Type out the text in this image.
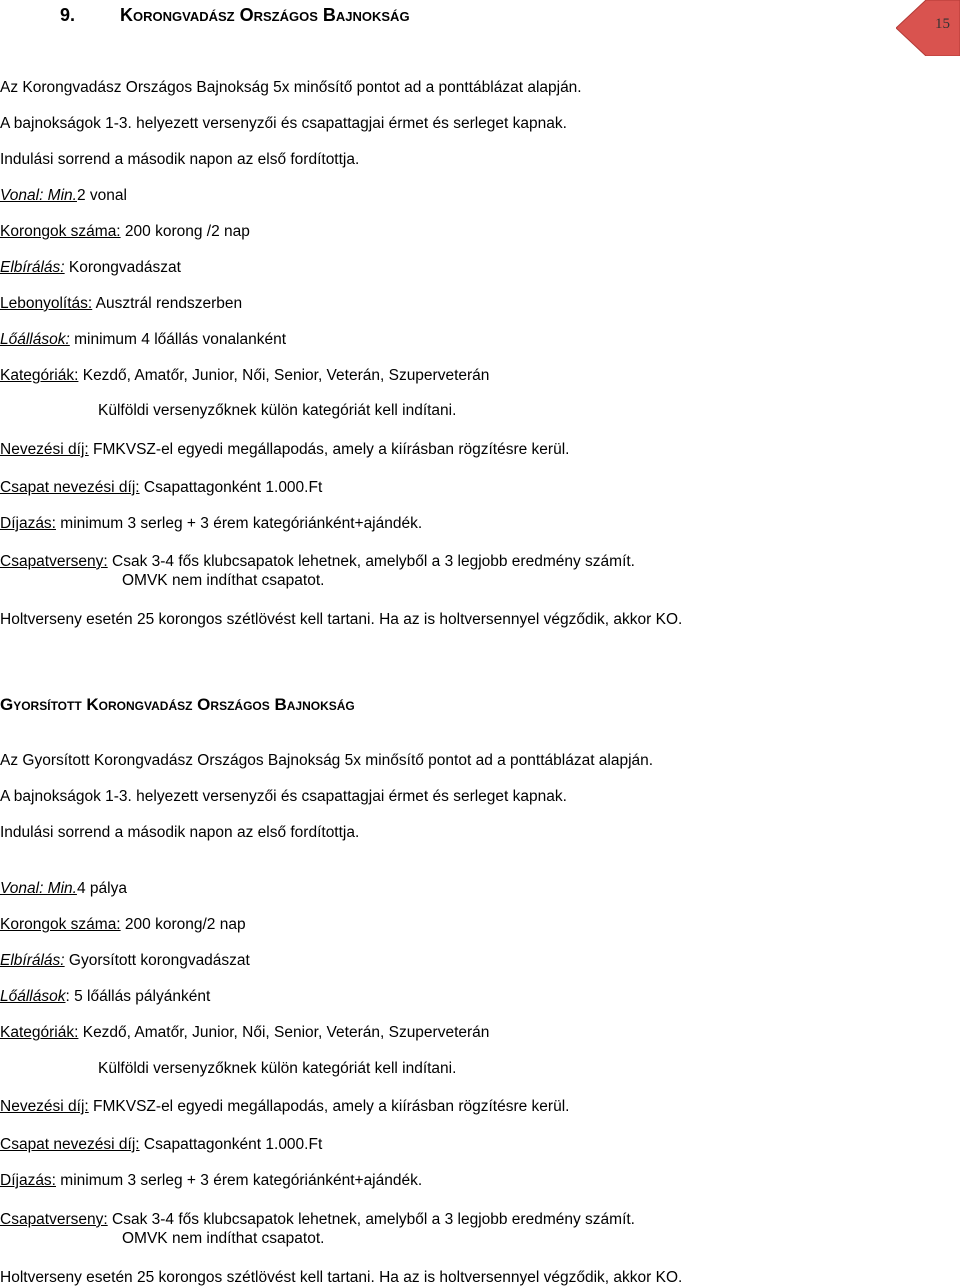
9. Korongvadász Országos Bajnokság	15
Az Korongvadász Országos Bajnokság 5x minősítő pontot ad a ponttáblázat alapján.
A bajnokságok 1-3. helyezett versenyzői és csapattagjai érmet és serleget kapnak.
Indulási sorrend a második napon az első fordítottja.
Vonal: Min.2 vonal
Korongok száma: 200 korong /2 nap
Elbírálás: Korongvadászat
Lebonyolítás: Ausztrál rendszerben
Lőállások: minimum 4 lőállás vonalanként
Kategóriák: Kezdő, Amatőr, Junior, Női, Senior, Veterán, Szuperveterán
Külföldi versenyzőknek külön kategóriát kell indítani.
Nevezési díj: FMKVSZ-el egyedi megállapodás, amely a kiírásban rögzítésre kerül.
Csapat nevezési díj: Csapattagonként 1.000.Ft
Díjazás: minimum 3 serleg + 3 érem kategóriánként+ajándék.
Csapatverseny: Csak 3-4 fős klubcsapatok lehetnek, amelyből a 3 legjobb eredmény számít.
OMVK nem indíthat csapatot.
Holtverseny esetén 25 korongos szétlövést kell tartani. Ha az is holtversennyel végződik, akkor KO.
Gyorsított Korongvadász Országos Bajnokság
Az Gyorsított Korongvadász Országos Bajnokság 5x minősítő pontot ad a ponttáblázat alapján.
A bajnokságok 1-3. helyezett versenyzői és csapattagjai érmet és serleget kapnak.
Indulási sorrend a második napon az első fordítottja.
Vonal: Min.4 pálya
Korongok száma: 200 korong/2 nap
Elbírálás: Gyorsított korongvadászat
Lőállások: 5 lőállás pályánként
Kategóriák: Kezdő, Amatőr, Junior, Női, Senior, Veterán, Szuperveterán
Külföldi versenyzőknek külön kategóriát kell indítani.
Nevezési díj: FMKVSZ-el egyedi megállapodás, amely a kiírásban rögzítésre kerül.
Csapat nevezési díj: Csapattagonként 1.000.Ft
Díjazás: minimum 3 serleg + 3 érem kategóriánként+ajándék.
Csapatverseny: Csak 3-4 fős klubcsapatok lehetnek, amelyből a 3 legjobb eredmény számít.
OMVK nem indíthat csapatot.
Holtverseny esetén 25 korongos szétlövést kell tartani. Ha az is holtversennyel végződik, akkor KO.
